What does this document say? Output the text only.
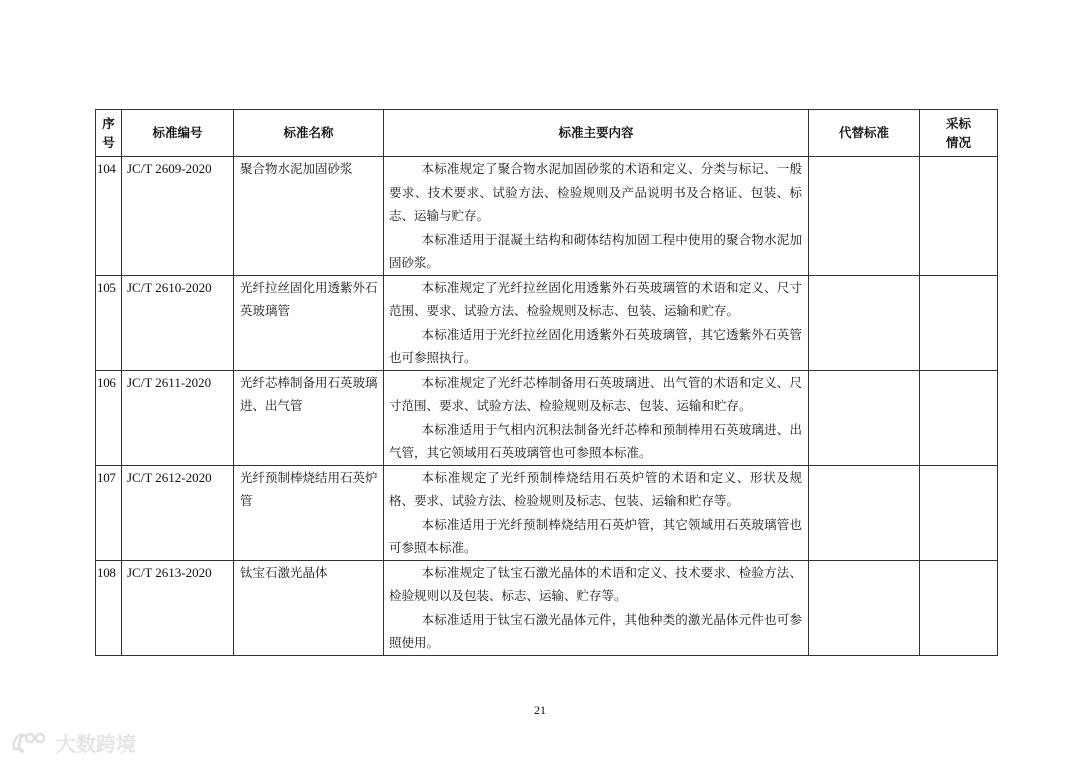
序号	标准编号	标准名称	标准主要内容	代替标准	采标情况
104	JC/T 2609-2020	聚合物水泥加固砂浆	本标准规定了聚合物水泥加固砂浆的术语和定义、分类与标记、一般要求、技术要求、试验方法、检验规则及产品说明书及合格证、包装、标志、运输与贮存。

本标准适用于混凝土结构和砌体结构加固工程中使用的聚合物水泥加固砂浆。		

105	JC/T 2610-2020	光纤拉丝固化用透紫外石英玻璃管	本标准规定了光纤拉丝固化用透紫外石英玻璃管的术语和定义、尺寸范围、要求、试验方法、检验规则及标志、包装、运输和贮存。

本标准适用于光纤拉丝固化用透紫外石英玻璃管，其它透紫外石英管也可参照执行。		

106	JC/T 2611-2020	光纤芯棒制备用石英玻璃进、出气管	本标准规定了光纤芯棒制备用石英玻璃进、出气管的术语和定义、尺寸范围、要求、试验方法、检验规则及标志、包装、运输和贮存。

本标准适用于气相内沉积法制备光纤芯棒和预制棒用石英玻璃进、出气管，其它领域用石英玻璃管也可参照本标准。		

107	JC/T 2612-2020	光纤预制棒烧结用石英炉管	本标准规定了光纤预制棒烧结用石英炉管的术语和定义、形状及规格、要求、试验方法、检验规则及标志、包装、运输和贮存等。

本标准适用于光纤预制棒烧结用石英炉管，其它领域用石英玻璃管也可参照本标准。		

108	JC/T 2613-2020	钛宝石激光晶体	本标准规定了钛宝石激光晶体的术语和定义、技术要求、检验方法、检验规则以及包装、标志、运输、贮存等。

本标准适用于钛宝石激光晶体元件，其他种类的激光晶体元件也可参照使用。		

21
大数跨境
